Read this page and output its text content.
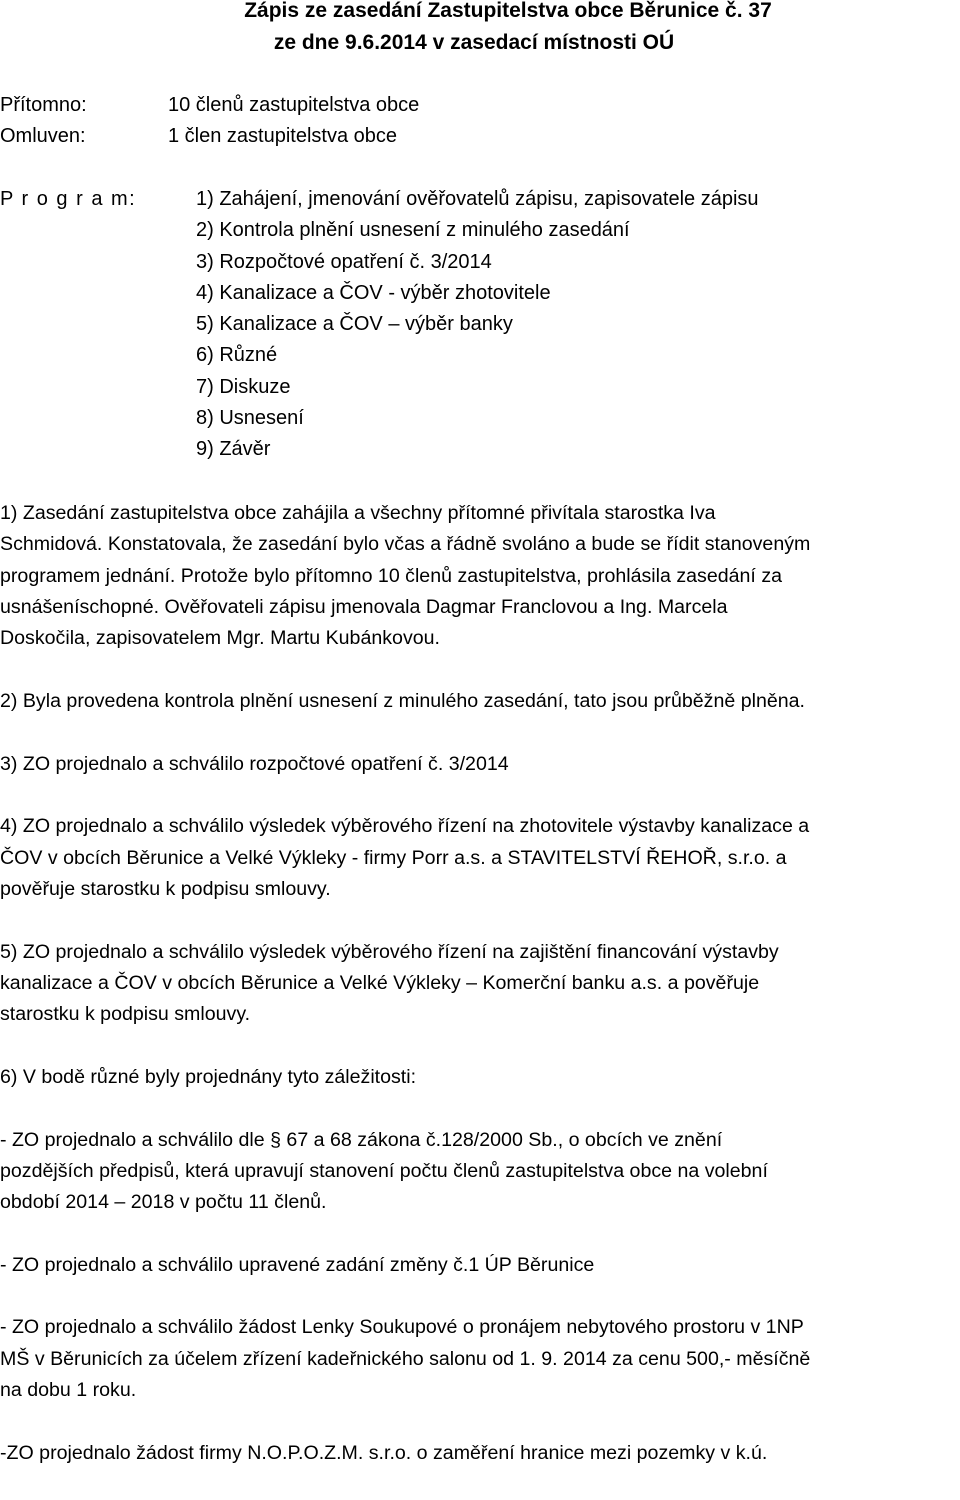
Zápis ze zasedání Zastupitelstva obce Běrunice č. 37
ze dne 9.6.2014 v zasedací místnosti OÚ
Přítomno:	10 členů zastupitelstva obce
Omluven:	1 člen zastupitelstva obce
P r o g r a m:	1) Zahájení, jmenování ověřovatelů zápisu, zapisovatele zápisu
2) Kontrola plnění usnesení z minulého zasedání
3) Rozpočtové opatření č. 3/2014
4) Kanalizace a ČOV - výběr zhotovitele
5) Kanalizace a ČOV – výběr banky
6) Různé
7) Diskuze
8) Usnesení
9) Závěr

1) Zasedání zastupitelstva obce zahájila a všechny přítomné přivítala starostka Iva
Schmidová. Konstatovala, že zasedání bylo včas a řádně svoláno a bude se řídit stanoveným
programem jednání. Protože bylo přítomno 10 členů zastupitelstva, prohlásila zasedání za
usnášeníschopné. Ověřovateli zápisu jmenovala Dagmar Franclovou a Ing. Marcela
Doskočila, zapisovatelem Mgr. Martu Kubánkovou.

2) Byla provedena kontrola plnění usnesení z minulého zasedání, tato jsou průběžně plněna.

3) ZO projednalo a schválilo rozpočtové opatření č. 3/2014

4) ZO projednalo a schválilo výsledek výběrového řízení na zhotovitele výstavby kanalizace a
ČOV v obcích Běrunice a Velké Výkleky - firmy Porr a.s. a STAVITELSTVÍ ŘEHOŘ, s.r.o. a
pověřuje starostku k podpisu smlouvy.

5) ZO projednalo a schválilo výsledek výběrového řízení na zajištění financování výstavby
kanalizace a ČOV v obcích Běrunice a Velké Výkleky – Komerční banku a.s. a pověřuje
starostku k podpisu smlouvy.

6) V bodě různé byly projednány tyto záležitosti:

- ZO projednalo a schválilo dle § 67 a 68 zákona č.128/2000 Sb., o obcích ve znění
pozdějších předpisů, která upravují stanovení počtu členů zastupitelstva obce na volební
období 2014 – 2018 v počtu 11 členů.

- ZO projednalo a schválilo upravené zadání změny č.1 ÚP Běrunice

- ZO projednalo a schválilo žádost Lenky Soukupové o pronájem nebytového prostoru v 1NP
MŠ v Běrunicích za účelem zřízení kadeřnického salonu od 1. 9. 2014 za cenu 500,- měsíčně
na dobu 1 roku.

-ZO projednalo žádost firmy N.O.P.O.Z.M. s.r.o. o zaměření hranice mezi pozemky v k.ú.
